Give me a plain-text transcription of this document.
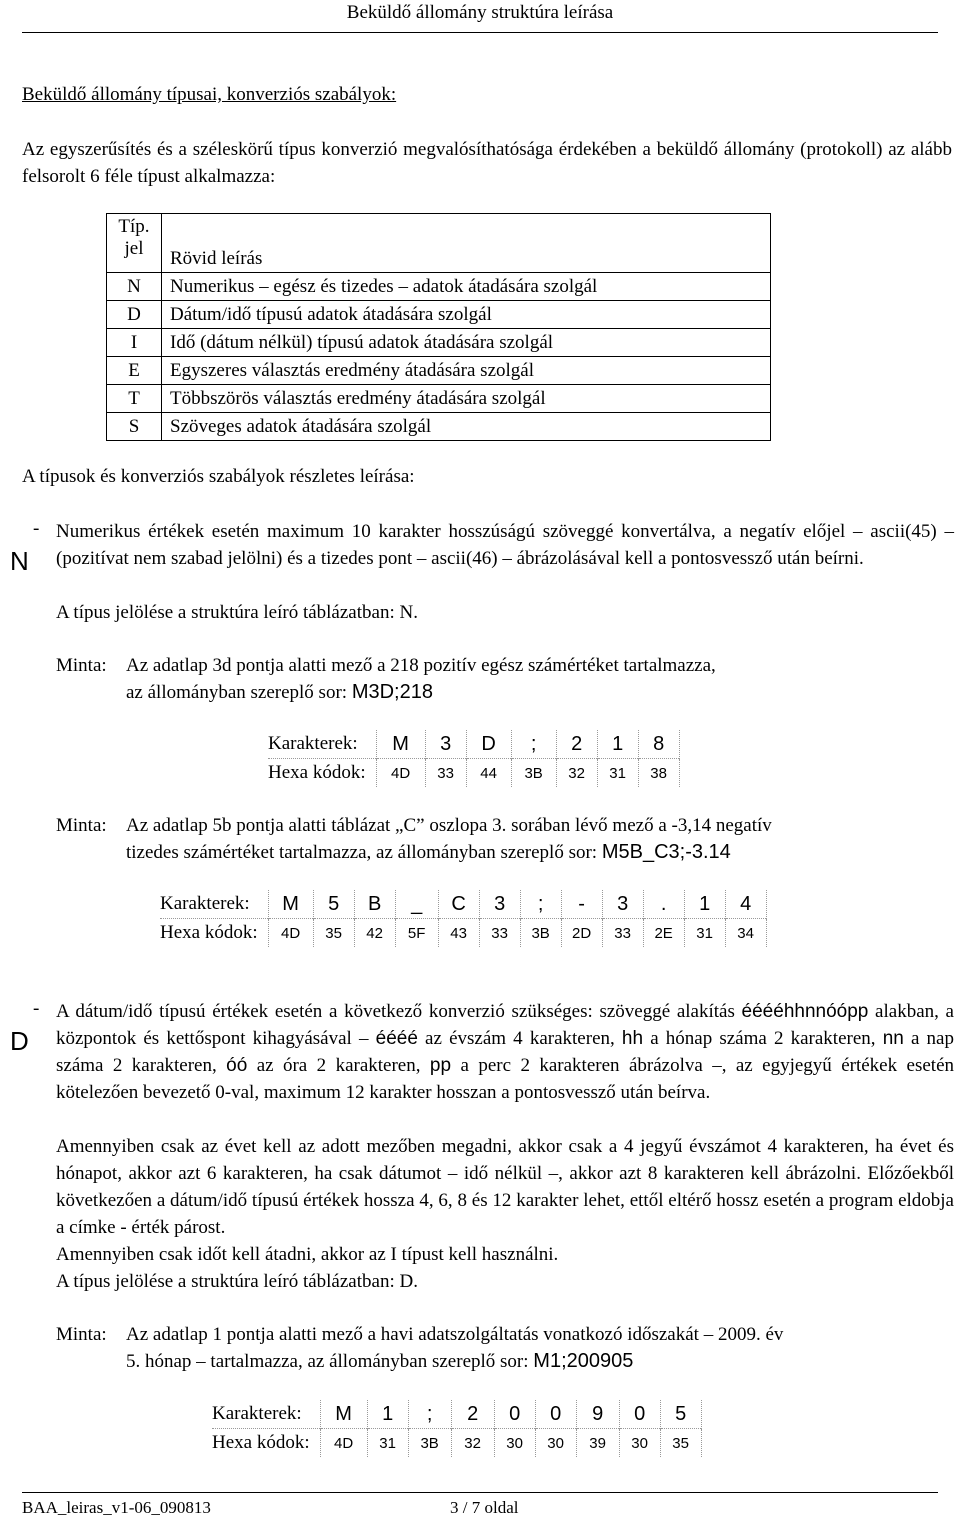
Beküldő állomány struktúra leírása
Beküldő állomány típusai, konverziós szabályok:
Az egyszerűsítés és a széleskörű típus konverzió megvalósíthatósága érdekében a beküldő állomány (protokoll) az alább felsorolt 6 féle típust alkalmazza:
Típ.
jel	Rövid leírás
N	Numerikus – egész és tizedes – adatok átadására szolgál
D	Dátum/idő típusú adatok átadására szolgál
I	Idő (dátum nélkül) típusú adatok átadására szolgál
E	Egyszeres választás eredmény átadására szolgál
T	Többszörös választás eredmény átadására szolgál
S	Szöveges adatok átadására szolgál
A típusok és konverziós szabályok részletes leírása:
N
- Numerikus értékek esetén maximum 10 karakter hosszúságú szöveggé konvertálva, a negatív előjel – ascii(45) – (pozitívat nem szabad jelölni) és a tizedes pont – ascii(46) – ábrázolásával kell a pontosvessző után beírni.
A típus jelölése a struktúra leíró táblázatban: N.
Minta: Az adatlap 3d pontja alatti mező a 218 pozitív egész számértéket tartalmazza,
az állományban szereplő sor: M3D;218
Karakterek:	M	3	D	;	2	1	8
Hexa kódok:	4D	33	44	3B	32	31	38
Minta: Az adatlap 5b pontja alatti táblázat „C” oszlopa 3. sorában lévő mező a -3,14 negatív
tizedes számértéket tartalmazza, az állományban szereplő sor: M5B_C3;-3.14
Karakterek:	M	5	B	_	C	3	;	-	3	.	1	4
Hexa kódok:	4D	35	42	5F	43	33	3B	2D	33	2E	31	34
D
- A dátum/idő típusú értékek esetén a következő konverzió szükséges: szöveggé alakítás ééééhhnnóópp alakban, a központok és kettőspont kihagyásával – éééé az évszám 4 karakteren, hh a hónap száma 2 karakteren, nn a nap száma 2 karakteren, óó az óra 2 karakteren, pp a perc 2 karakteren ábrázolva –, az egyjegyű értékek esetén kötelezően bevezető 0-val, maximum 12 karakter hosszan a pontosvessző után beírva.
Amennyiben csak az évet kell az adott mezőben megadni, akkor csak a 4 jegyű évszámot 4 karakteren, ha évet és hónapot, akkor azt 6 karakteren, ha csak dátumot – idő nélkül –, akkor azt 8 karakteren kell ábrázolni. Előzőekből következően a dátum/idő típusú értékek hossza 4, 6, 8 és 12 karakter lehet, ettől eltérő hossz esetén a program eldobja a címke - érték párost.
Amennyiben csak időt kell átadni, akkor az I típust kell használni.
A típus jelölése a struktúra leíró táblázatban: D.
Minta: Az adatlap 1 pontja alatti mező a havi adatszolgáltatás vonatkozó időszakát – 2009. év
5. hónap – tartalmazza, az állományban szereplő sor: M1;200905
Karakterek:	M	1	;	2	0	0	9	0	5
Hexa kódok:	4D	31	3B	32	30	30	39	30	35
BAA_leiras_v1-06_090813	3 / 7 oldal
